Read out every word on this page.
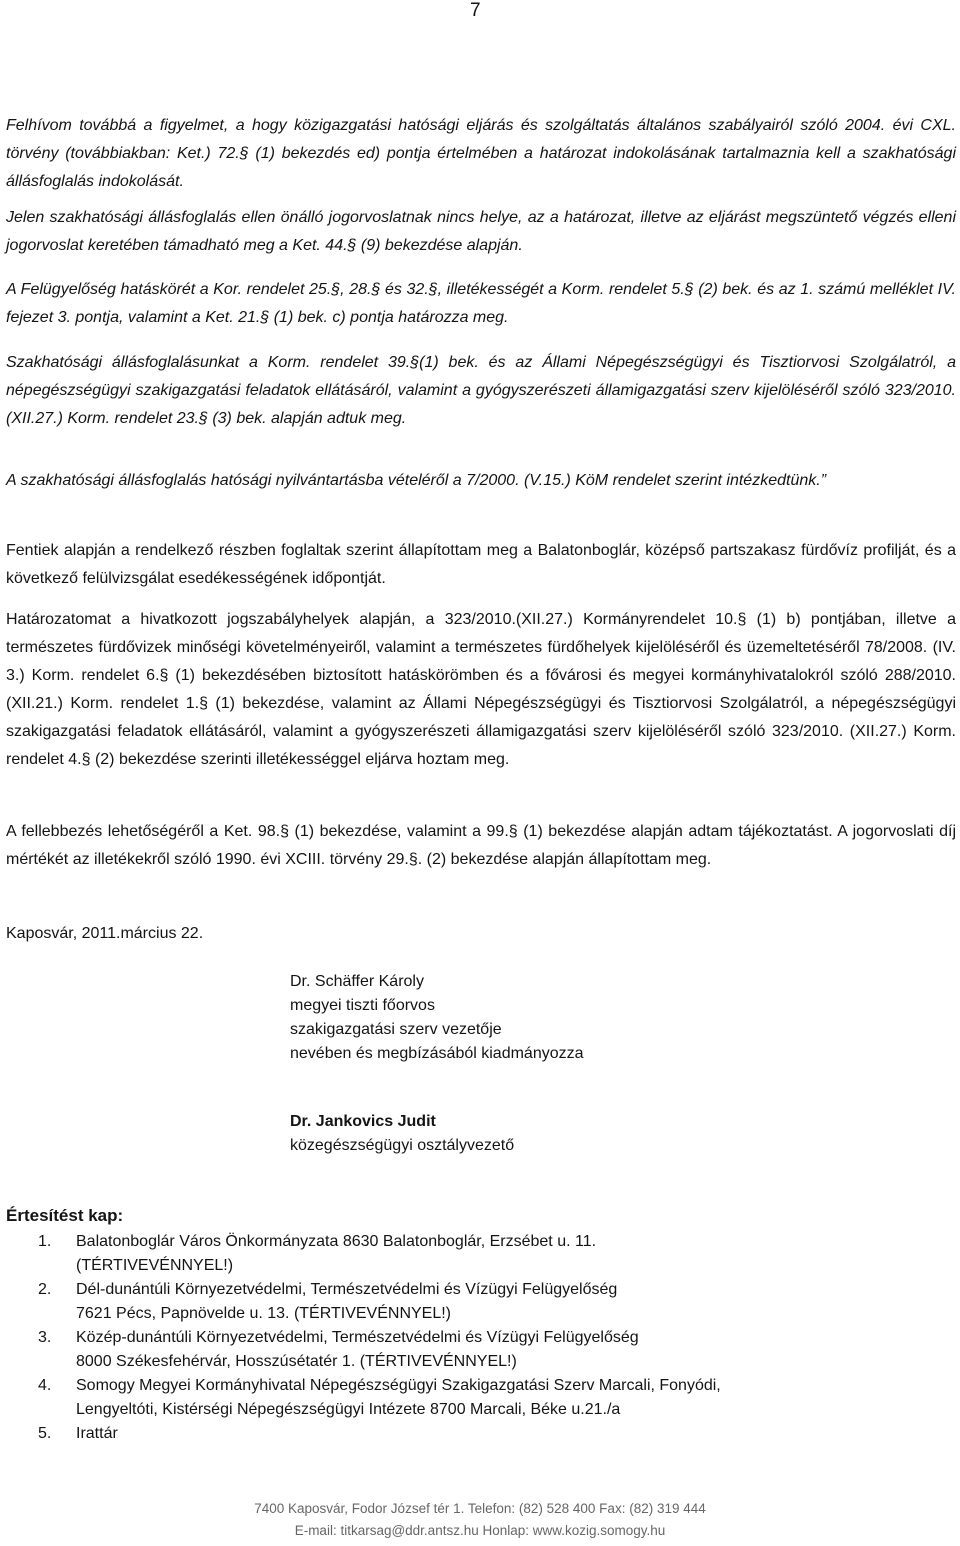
7

Felhívom továbbá a figyelmet, a hogy közigazgatási hatósági eljárás és szolgáltatás általános szabályairól szóló 2004. évi CXL. törvény (továbbiakban: Ket.) 72.§ (1) bekezdés ed) pontja értelmében a határozat indokolásának tartalmaznia kell a szakhatósági állásfoglalás indokolását.

Jelen szakhatósági állásfoglalás ellen önálló jogorvoslatnak nincs helye, az a határozat, illetve az eljárást megszüntető végzés elleni jogorvoslat keretében támadható meg a Ket. 44.§ (9) bekezdése alapján.

A Felügyelőség hatáskörét a Kor. rendelet 25.§, 28.§ és 32.§, illetékességét a Korm. rendelet 5.§ (2) bek. és az 1. számú melléklet IV. fejezet 3. pontja, valamint a Ket. 21.§ (1) bek. c) pontja határozza meg.

Szakhatósági állásfoglalásunkat a Korm. rendelet 39.§(1) bek. és az Állami Népegészségügyi és Tisztiorvosi Szolgálatról, a népegészségügyi szakigazgatási feladatok ellátásáról, valamint a gyógyszerészeti államigazgatási szerv kijelöléséről szóló 323/2010. (XII.27.) Korm. rendelet 23.§ (3) bek. alapján adtuk meg.

A szakhatósági állásfoglalás hatósági nyilvántartásba vételéről a 7/2000. (V.15.) KöM rendelet szerint intézkedtünk.”

Fentiek alapján a rendelkező részben foglaltak szerint állapítottam meg a Balatonboglár, középső partszakasz fürdővíz profilját, és a következő felülvizsgálat esedékességének időpontját.

Határozatomat a hivatkozott jogszabályhelyek alapján, a 323/2010.(XII.27.) Kormányrendelet 10.§ (1) b) pontjában, illetve a természetes fürdővizek minőségi követelményeiről, valamint a természetes fürdőhelyek kijelöléséről és üzemeltetéséről 78/2008. (IV. 3.) Korm. rendelet 6.§ (1) bekezdésében biztosított hatáskörömben és a fővárosi és megyei kormányhivatalokról szóló 288/2010. (XII.21.) Korm. rendelet 1.§ (1) bekezdése, valamint az Állami Népegészségügyi és Tisztiorvosi Szolgálatról, a népegészségügyi szakigazgatási feladatok ellátásáról, valamint a gyógyszerészeti államigazgatási szerv kijelöléséről szóló 323/2010. (XII.27.) Korm. rendelet 4.§ (2) bekezdése szerinti illetékességgel eljárva hoztam meg.

A fellebbezés lehetőségéről a Ket. 98.§ (1) bekezdése, valamint a 99.§ (1) bekezdése alapján adtam tájékoztatást. A jogorvoslati díj mértékét az illetékekről szóló 1990. évi XCIII. törvény 29.§. (2) bekezdése alapján állapítottam meg.

Kaposvár, 2011.március 22.
Dr. Schäffer Károly
megyei tiszti főorvos
szakigazgatási szerv vezetője
nevében és megbízásából kiadmányozza
Dr. Jankovics Judit
közegészségügyi osztályvezető
Értesítést kap:
1. Balatonboglár Város Önkormányzata 8630 Balatonboglár, Erzsébet u. 11.
(TÉRTIVEVÉNNYEL!)
2. Dél-dunántúli Környezetvédelmi, Természetvédelmi és Vízügyi Felügyelőség
7621 Pécs, Papnövelde u. 13. (TÉRTIVEVÉNNYEL!)
3. Közép-dunántúli Környezetvédelmi, Természetvédelmi és Vízügyi Felügyelőség
8000 Székesfehérvár, Hosszúsétatér 1. (TÉRTIVEVÉNNYEL!)
4. Somogy Megyei Kormányhivatal Népegészségügyi Szakigazgatási Szerv Marcali, Fonyódi,
Lengyeltóti, Kistérségi Népegészségügyi Intézete 8700 Marcali, Béke u.21./a
5. Irattár
7400 Kaposvár, Fodor József tér 1. Telefon: (82) 528 400 Fax: (82) 319 444
E-mail: titkarsag@ddr.antsz.hu Honlap: www.kozig.somogy.hu
